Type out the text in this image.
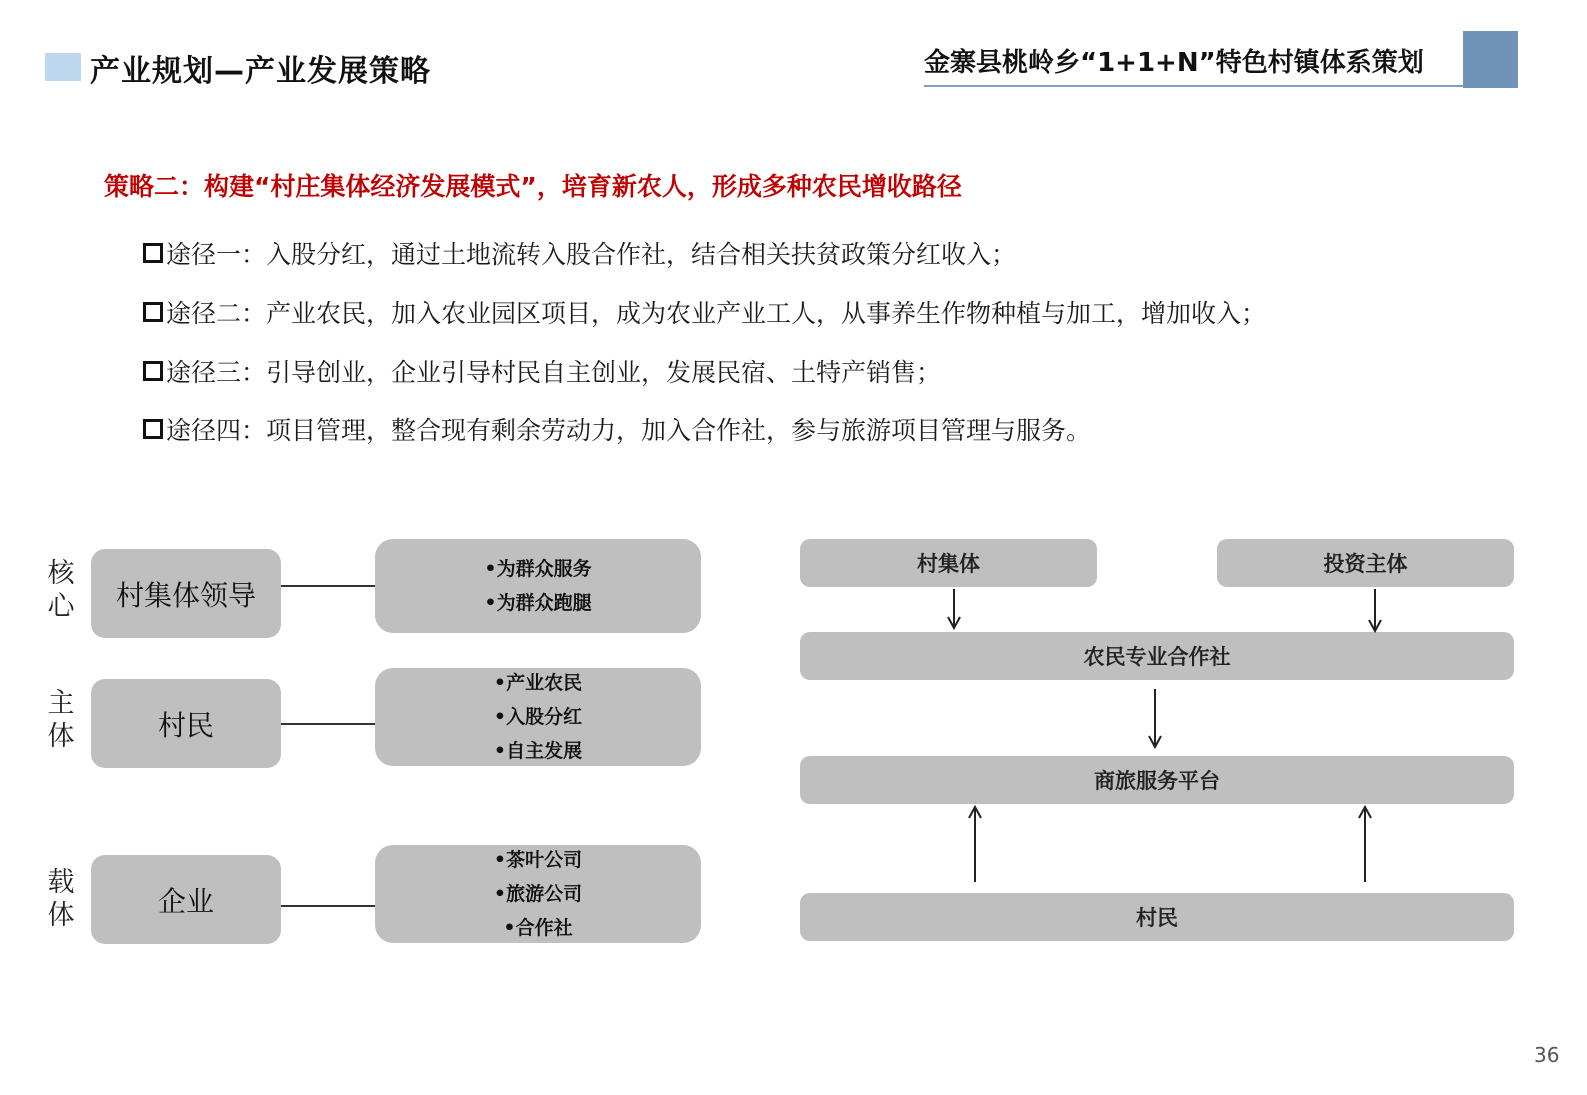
产业规划—产业发展策略	金寨县桃岭乡“1+1+N”特色村镇体系策划
策略二：构建“村庄集体经济发展模式”，培育新农人，形成多种农民增收路径
途径一：入股分红，通过土地流转入股合作社，结合相关扶贫政策分红收入；
途径二：产业农民，加入农业园区项目，成为农业产业工人，从事养生作物种植与加工，增加收入；
途径三：引导创业，企业引导村民自主创业，发展民宿、土特产销售；
途径四：项目管理，整合现有剩余劳动力，加入合作社，参与旅游项目管理与服务。
核心	村集体领导
•为群众服务
•为群众跑腿
主体	村民
•产业农民
•入股分红
•自主发展
载体	企业
•茶叶公司
•旅游公司
•合作社
村集体	投资主体
农民专业合作社
商旅服务平台
村民
36
